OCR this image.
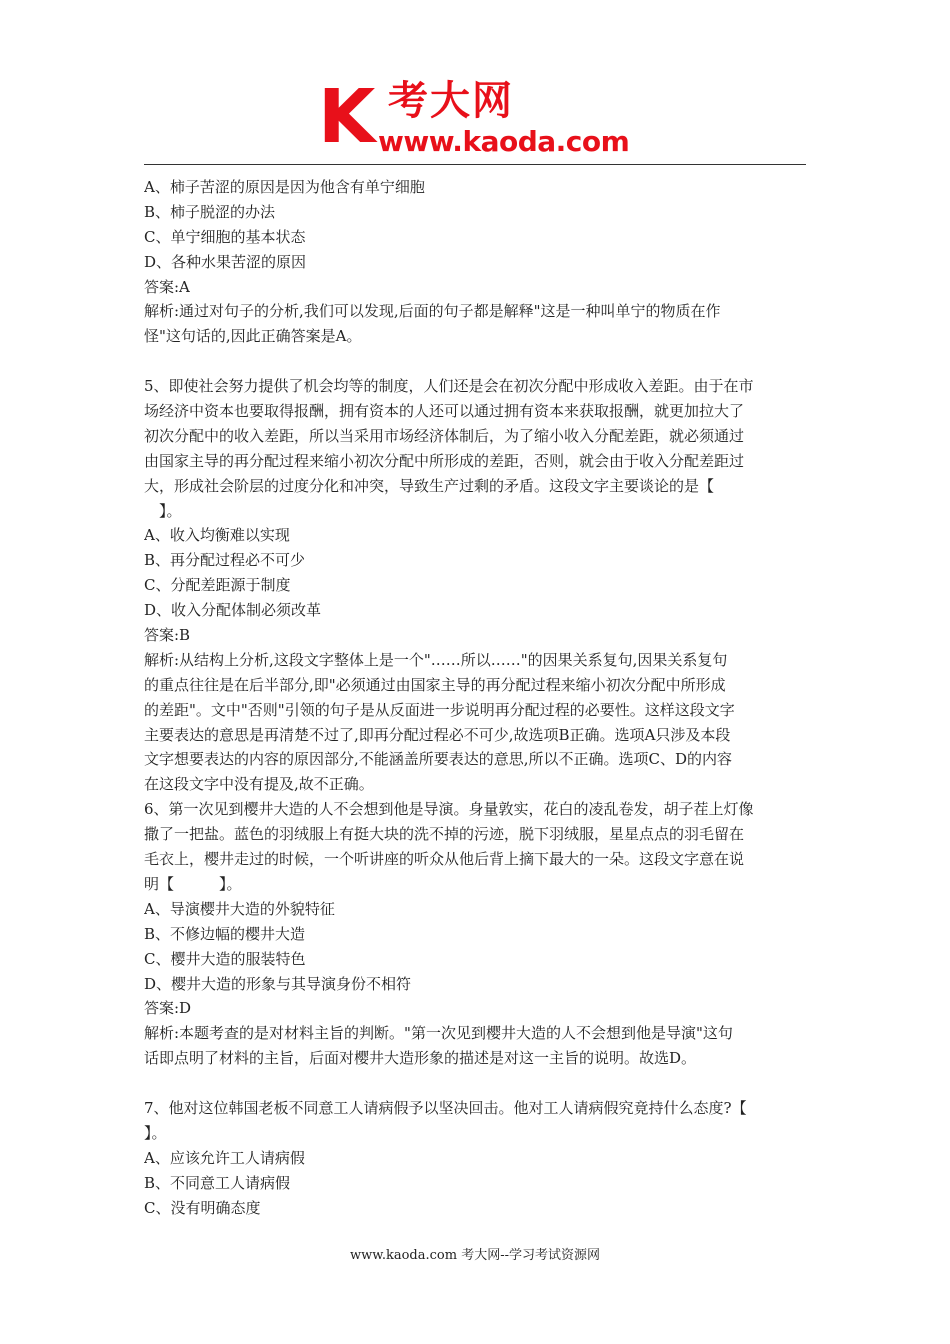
K 考大网
www.kaoda.com
A、柿子苦涩的原因是因为他含有单宁细胞
B、柿子脱涩的办法
C、单宁细胞的基本状态
D、各种水果苦涩的原因
答案:A
解析:通过对句子的分析,我们可以发现,后面的句子都是解释"这是一种叫单宁的物质在作
怪"这句话的,因此正确答案是A。
5、即使社会努力提供了机会均等的制度，人们还是会在初次分配中形成收入差距。由于在市
场经济中资本也要取得报酬，拥有资本的人还可以通过拥有资本来获取报酬，就更加拉大了
初次分配中的收入差距，所以当采用市场经济体制后，为了缩小收入分配差距，就必须通过
由国家主导的再分配过程来缩小初次分配中所形成的差距，否则，就会由于收入分配差距过
大，形成社会阶层的过度分化和冲突，导致生产过剩的矛盾。这段文字主要谈论的是【
　】。
A、收入均衡难以实现
B、再分配过程必不可少
C、分配差距源于制度
D、收入分配体制必须改革
答案:B
解析:从结构上分析,这段文字整体上是一个"……所以……"的因果关系复句,因果关系复句
的重点往往是在后半部分,即"必须通过由国家主导的再分配过程来缩小初次分配中所形成
的差距"。文中"否则"引领的句子是从反面进一步说明再分配过程的必要性。这样这段文字
主要表达的意思是再清楚不过了,即再分配过程必不可少,故选项B正确。选项A只涉及本段
文字想要表达的内容的原因部分,不能涵盖所要表达的意思,所以不正确。选项C、D的内容
在这段文字中没有提及,故不正确。
6、第一次见到樱井大造的人不会想到他是导演。身量敦实，花白的凌乱卷发，胡子茬上灯像
撒了一把盐。蓝色的羽绒服上有挺大块的洗不掉的污迹，脱下羽绒服，星星点点的羽毛留在
毛衣上，樱井走过的时候，一个听讲座的听众从他后背上摘下最大的一朵。这段文字意在说
明【　　　】。
A、导演樱井大造的外貌特征
B、不修边幅的樱井大造
C、樱井大造的服装特色
D、樱井大造的形象与其导演身份不相符
答案:D
解析:本题考查的是对材料主旨的判断。"第一次见到樱井大造的人不会想到他是导演"这句
话即点明了材料的主旨，后面对樱井大造形象的描述是对这一主旨的说明。故选D。
7、他对这位韩国老板不同意工人请病假予以坚决回击。他对工人请病假究竟持什么态度?【
】。
A、应该允许工人请病假
B、不同意工人请病假
C、没有明确态度
www.kaoda.com 考大网--学习考试资源网
